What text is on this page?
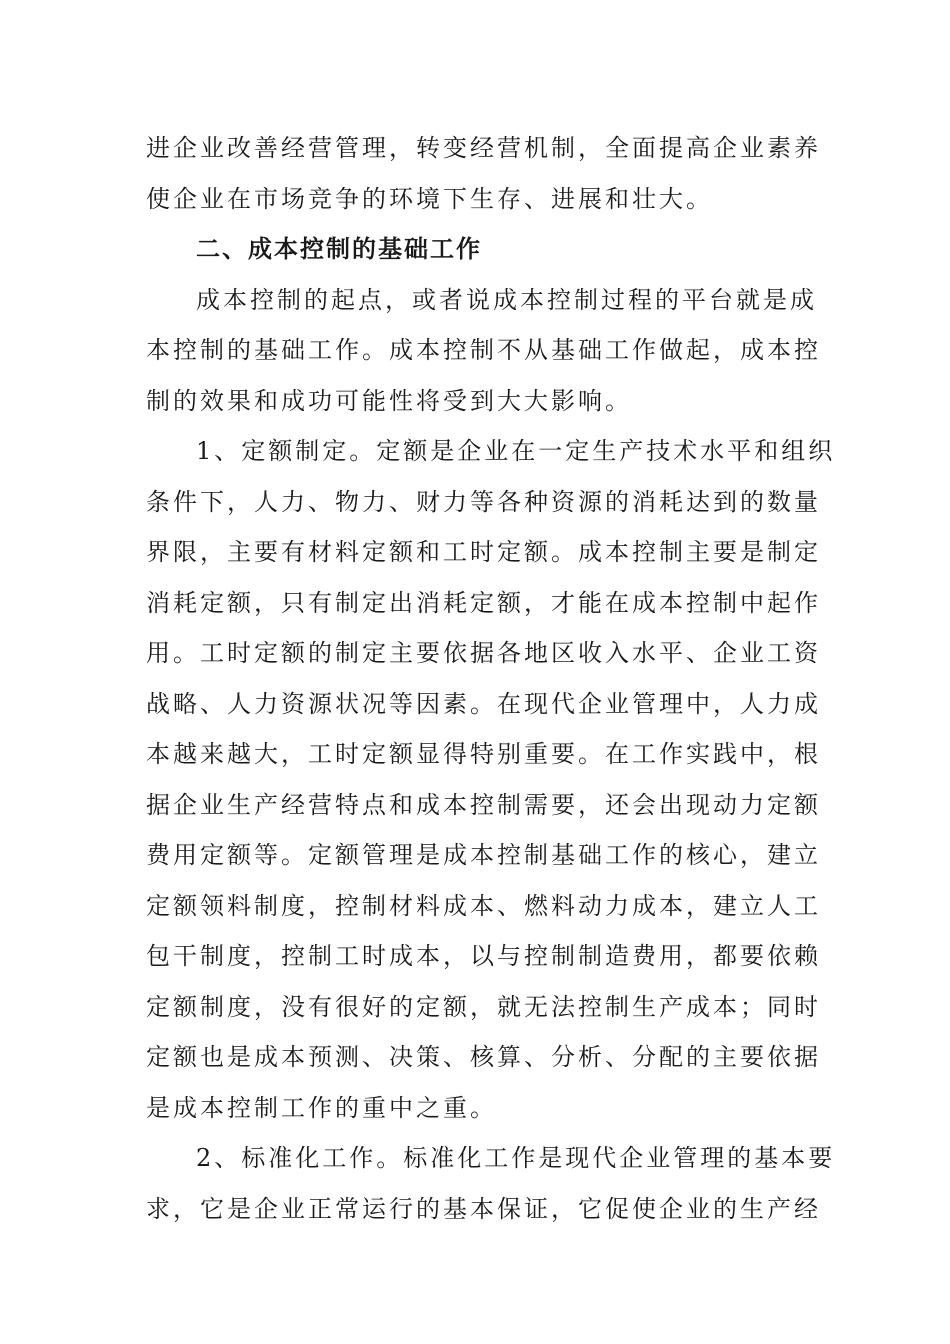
进企业改善经营管理，转变经营机制，全面提高企业素养
使企业在市场竞争的环境下生存、进展和壮大。
二、成本控制的基础工作
成本控制的起点，或者说成本控制过程的平台就是成
本控制的基础工作。成本控制不从基础工作做起，成本控
制的效果和成功可能性将受到大大影响。
1、定额制定。定额是企业在一定生产技术水平和组织
条件下，人力、物力、财力等各种资源的消耗达到的数量
界限，主要有材料定额和工时定额。成本控制主要是制定
消耗定额，只有制定出消耗定额，才能在成本控制中起作
用。工时定额的制定主要依据各地区收入水平、企业工资
战略、人力资源状况等因素。在现代企业管理中，人力成
本越来越大，工时定额显得特别重要。在工作实践中，根
据企业生产经营特点和成本控制需要，还会出现动力定额
费用定额等。定额管理是成本控制基础工作的核心，建立
定额领料制度，控制材料成本、燃料动力成本，建立人工
包干制度，控制工时成本，以与控制制造费用，都要依赖
定额制度，没有很好的定额，就无法控制生产成本；同时
定额也是成本预测、决策、核算、分析、分配的主要依据
是成本控制工作的重中之重。
2、标准化工作。标准化工作是现代企业管理的基本要
求，它是企业正常运行的基本保证，它促使企业的生产经
